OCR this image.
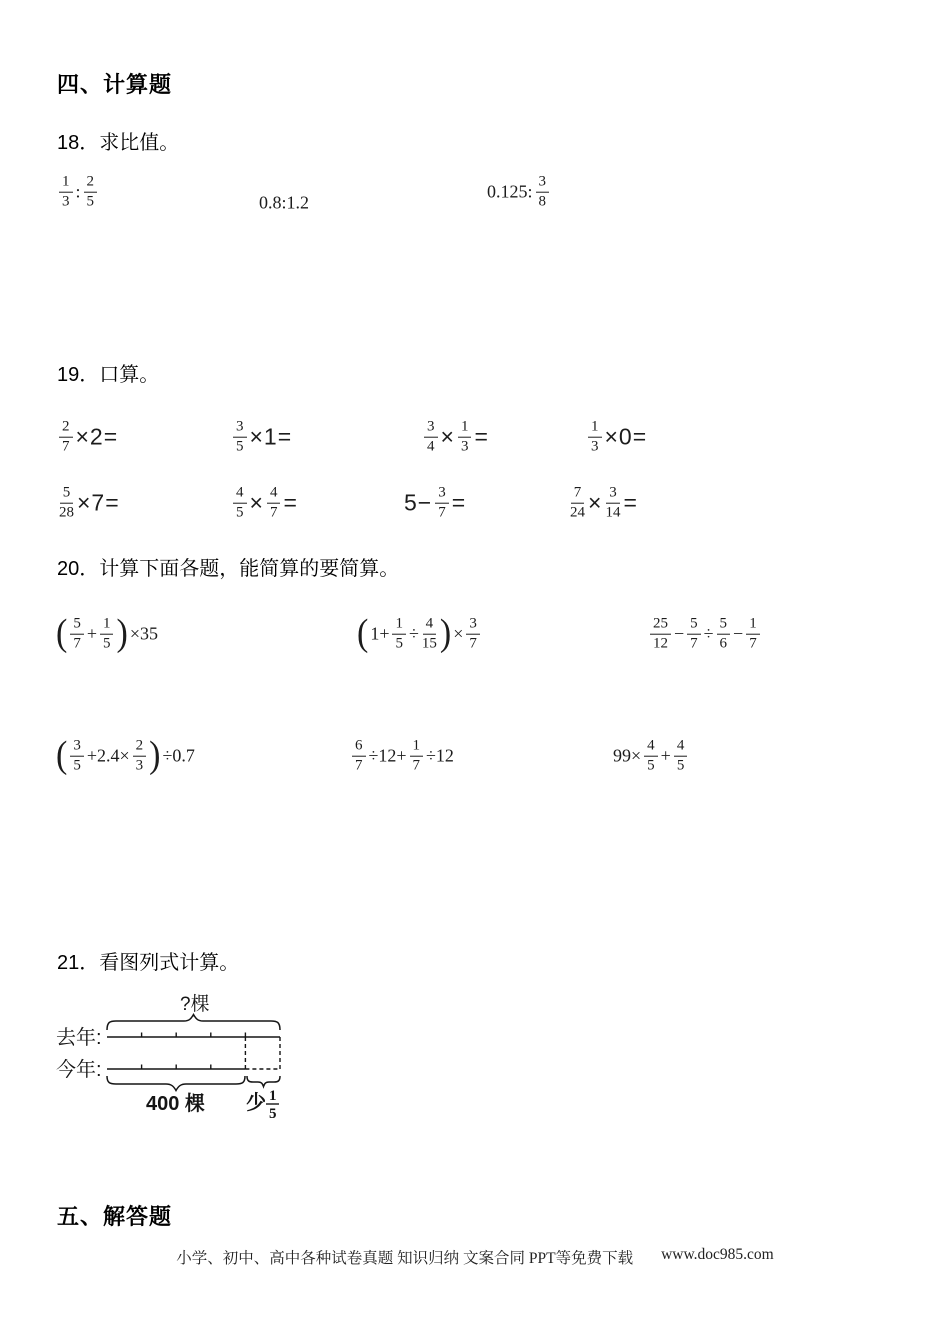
四、计算题

18．求比值。

$\frac{1}{3}$ : $\frac{2}{5}$	0.8:1.2
0.125: $\frac{3}{8}$

19．口算。

$\frac{2}{7} \times 2=$	$\frac{3}{5} \times 1=$	$\frac{3}{4} \times \frac{1}{3}$ =	$\frac{1}{3} \times 0=$
$\frac{5}{28} \times 7=$	$\frac{4}{5} \times \frac{4}{7}$ =	$5- \frac{3}{7}$ =	$\frac{7}{24} \times \frac{3}{14}$ =

20．计算下面各题，能简算的要简算。

( $\frac{5}{7} + \frac{1}{5}$ ) ×35	( $1+ \frac{1}{5} \div \frac{4}{15}$ ) × $\frac{3}{7}$	$\frac{25}{12} - \frac{5}{7} \div \frac{5}{6} - \frac{1}{7}$
( $\frac{3}{5} +2.4\times \frac{2}{3}$ ) ÷0.7	$\frac{6}{7} \div 12+ \frac{1}{7} \div 12$	$99\times \frac{4}{5} + \frac{4}{5}$

21．看图列式计算。

?棵
去年:
今年:
400 棵 少 1
5
五、解答题
小学、初中、高中各种试卷真题 知识归纳 文案合同 PPT等免费下载 www.doc985.com
